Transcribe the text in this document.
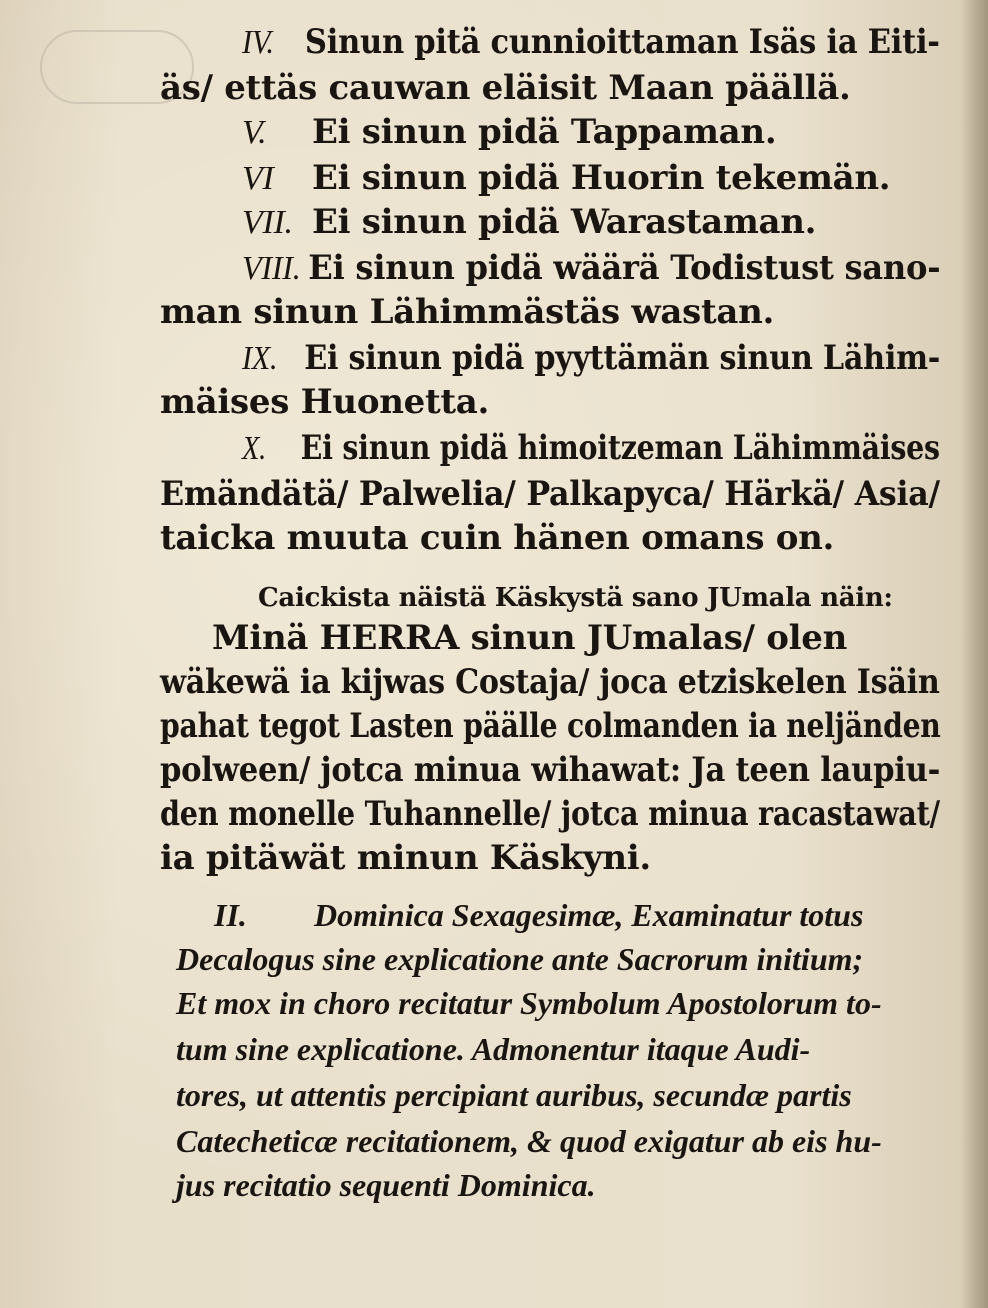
IV. Sinun pitä cunnioittaman Isäs ia Eiti-
äs/ ettäs cauwan eläisit Maan päällä.
V. Ei sinun pidä Tappaman.
VI Ei sinun pidä Huorin tekemän.
VII. Ei sinun pidä Warastaman.
VIII. Ei sinun pidä wäärä Todistust sano-
man sinun Lähimmästäs wastan.
IX. Ei sinun pidä pyyttämän sinun Lähim-
mäises Huonetta.
X. Ei sinun pidä himoitzeman Lähimmäises
Emändätä/ Palwelia/ Palkapyca/ Härkä/ Asia/
taicka muuta cuin hänen omans on.
Caickista näistä Käskystä sano JUmala näin:
Minä HERRA sinun JUmalas/ olen
wäkewä ia kijwas Costaja/ joca etziskelen Isäin
pahat tegot Lasten päälle colmanden ia neljänden
polween/ jotca minua wihawat: Ja teen laupiu-
den monelle Tuhannelle/ jotca minua racastawat/
ia pitäwät minun Käskyni.
II. Dominica Sexagesimæ, Examinatur totus
Decalogus sine explicatione ante Sacrorum initium;
Et mox in choro recitatur Symbolum Apostolorum to-
tum sine explicatione. Admonentur itaque Audi-
tores, ut attentis percipiant auribus, secundæ partis
Catecheticæ recitationem, & quod exigatur ab eis hu-
jus recitatio sequenti Dominica.
